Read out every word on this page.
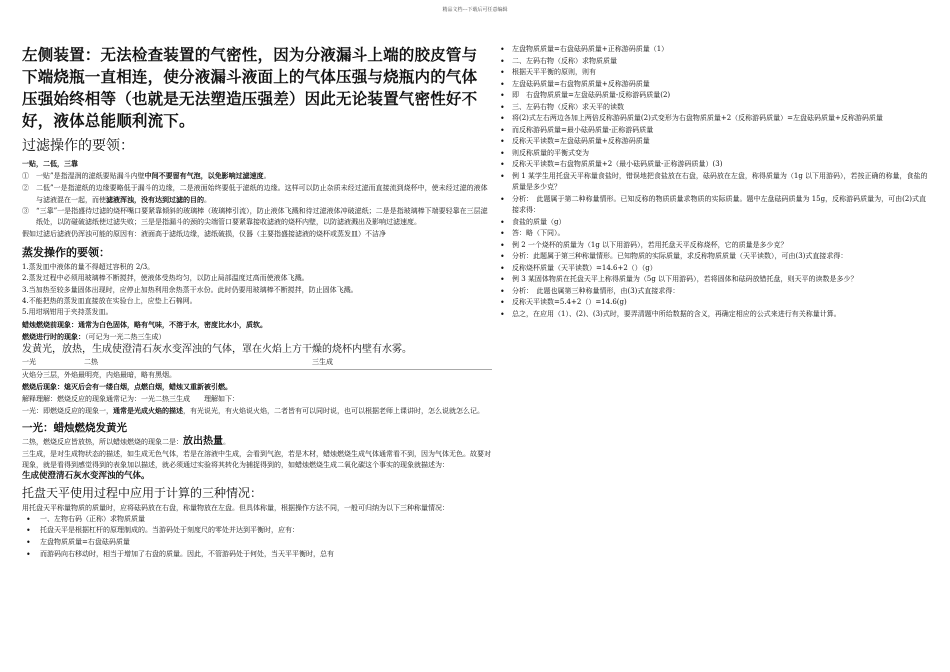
精品文档---下载后可任意编辑

左侧装置：无法检查装置的气密性，因为分液漏斗上端的胶皮管与下端烧瓶一直相连，使分液漏斗液面上的气体压强与烧瓶内的气体压强始终相等（也就是无法塑造压强差）因此无论装置气密性好不好，液体总能顺利流下。

过滤操作的要领：

一贴，二低，三靠

①　一贴”是指湿润的滤纸要贴漏斗内壁中间不要留有气泡，以免影响过滤速度。

②　二低”一是指滤纸的边缘要略低于漏斗的边缘，二是液面始终要低于滤纸的边缘。这样可以防止杂质未经过滤而直接流到烧杯中，使未经过滤的液体与滤液混在一起，而使滤液浑浊，没有达到过滤的目的。

③　“三靠”一是指盛待过滤的烧杯嘴口要紧靠倾斜的玻璃棒（玻璃棒引流），防止液体飞溅和待过滤液体冲破滤纸；二是是指玻璃棒下端要轻靠在三层滤纸处，以防碰破滤纸使过滤失败；三是是指漏斗的颈的尖端管口要紧靠接收滤液的烧杯内壁，以防滤液溅出及影响过滤速度。

假如过滤后滤液仍浑浊可能的原因有：液面高于滤纸边缘，滤纸破损，仪器（主要指盛接滤液的烧杯或蒸发皿）不洁净

蒸发操作的要领：

1.蒸发皿中液体的量不得超过容积的 2/3。

2.蒸发过程中必须用玻璃棒不断搅拌，使液体受热均匀，以防止局部温度过高而使液体飞溅。

3.当加热至较多量固体出现时，应停止加热利用余热蒸干水份。此时仍要用玻璃棒不断搅拌，防止固体飞溅。

4.不能把热的蒸发皿直接放在实验台上，应垫上石棉网。

5.用坩埚钳用于夹持蒸发皿。

蜡烛燃烧前现象：通常为白色固体，略有气味，不溶于水，密度比水小，质软。

燃烧进行时的现象：（可记为一光二热三生成）

发黄光，放热，生成使澄清石灰水变浑浊的气体，罩在火焰上方干燥的烧杯内壁有水雾。

一光	二热	三生成

火焰分三层，外焰最明亮，内焰最暗，略有黑烟。

燃烧后现象：熄灭后会有一缕白烟，点燃白烟，蜡烛又重新被引燃。

解释理解：燃烧反应的现象通常记为：一光二热三生成　　理解如下：

一光：即燃烧反应的现象一，通常是光成火焰的描述，有光说光，有火焰说火焰，二者皆有可以同时说，也可以根据老师上课讲时，怎么说就怎么记。

一光：蜡烛燃烧发黄光

二热，燃烧反应皆放热，所以蜡烛燃烧的现象二是：放出热量。

三生成，是对生成物状态的描述，如生成无色气体，若是在溶液中生成，会看到气泡，若是木材，蜡烛燃烧生成气体通常看不到，因为气体无色。故要对现象，就是看得到感觉得到的表象加以描述，就必须通过实验将其转化为捕捉得到的，如蜡烛燃烧生成二氧化碳这个事实的现象就描述为：

生成使澄清石灰水变浑浊的气体。

托盘天平使用过程中应用于计算的三种情况：

用托盘天平称量物质的质量时，应将砝码放在右盘，称量物放在左盘。但具体称量，根据操作方法不同，一般可归纳为以下三种称量情况：

• 一、左物右码（正称）求物质质量
• 托盘天平是根据杠杆的原理制成的。当游码处于刻度尺的零处并达到平衡时，应有：
• 左盘物质质量=右盘砝码质量
• 而游码向右移动时，相当于增加了右盘的质量。因此，不管游码处于何处，当天平平衡时，总有
• 左盘物质质量=右盘砝码质量+正称游码质量（1）
• 二、左码右物（反称）求物质质量
• 根据天平平衡的原则，则有
• 左盘砝码质量=右盘物质质量+反称游码质量
• 即　右盘物质质量=左盘砝码质量-反称游码质量(2)
• 三、左码右物（反称）求天平的读数
• 将(2)式左右两边各加上两倍反称游码质量(2)式变形为右盘物质质量+2（反称游码质量）=左盘砝码质量+反称游码质量
• 而反称游码质量=最小砝码质量-正称游码质量
• 反称天平读数=左盘砝码质量+反称游码质量
• 则反称质量的平衡式变为
• 反称天平读数=右盘物质质量+2（最小砝码质量-正称游码质量）(3)
• 例 1 某学生用托盘天平称量食盐时，错误地把食盐放在右盘，砝码放在左盘，称得质量为（1g 以下用游码），若按正确的称量，食盐的质量是多少克？
• 分析：　此题属于第二种称量情形。已知反称的物质质量求物质的实际质量。题中左盘砝码质量为 15g，反称游码质量为，可由(2)式直接求得：
• 食盐的质量（g）
• 答：略（下同）。
• 例 2 一个烧杯的质量为（1g 以下用游码），若用托盘天平反称烧杯，它的质量是多少克？
• 分析：此题属于第三种称量情形。已知物质的实际质量，求反称物质质量（天平读数），可由(3)式直接求得：
• 反称烧杯质量（天平读数）=14.6+2（）（g）
• 例 3 某固体物质在托盘天平上称得质量为（5g 以下用游码），若将固体和砝码放错托盘，则天平的读数是多少？
• 分析：　此题也属第三种称量情形，由(3)式直接求得：
• 反称天平读数=5.4+2（）=14.6(g)
• 总之，在应用（1）、(2)、(3)式时，要弄清题中所给数据的含义，再确定相应的公式来进行有关称量计算。
